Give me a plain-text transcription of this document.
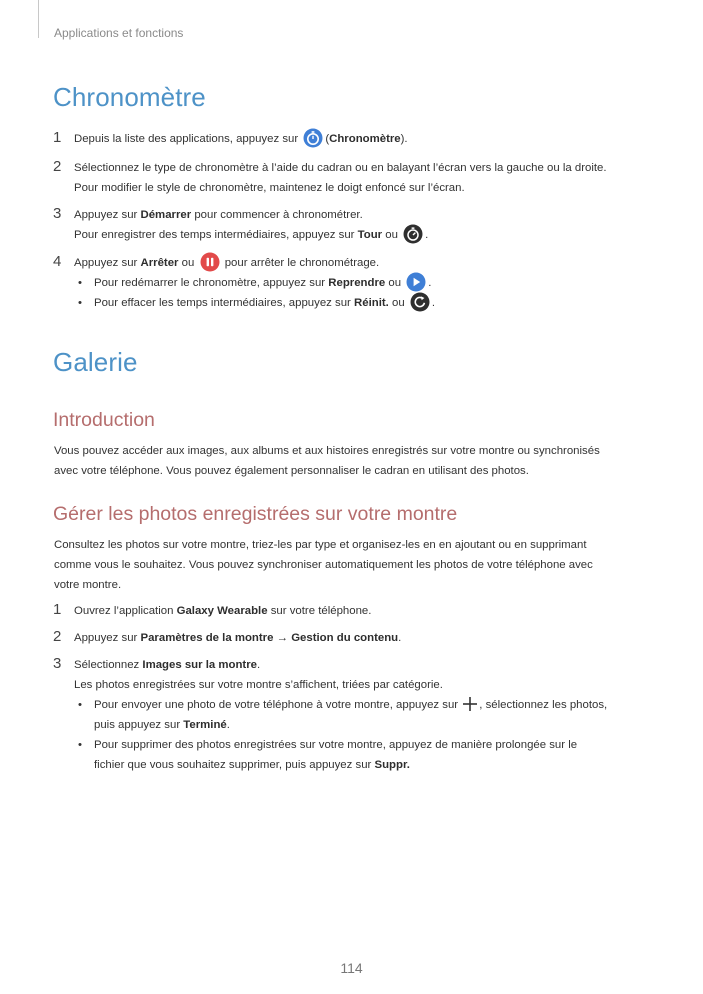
Applications et fonctions
Chronomètre
1 Depuis la liste des applications, appuyez sur (Chronomètre).
2 Sélectionnez le type de chronomètre à l’aide du cadran ou en balayant l’écran vers la gauche ou la droite.
Pour modifier le style de chronomètre, maintenez le doigt enfoncé sur l’écran.
3 Appuyez sur Démarrer pour commencer à chronométrer.
Pour enregistrer des temps intermédiaires, appuyez sur Tour ou .
4 Appuyez sur Arrêter ou	pour arrêter le chronométrage.
• Pour redémarrer le chronomètre, appuyez sur Reprendre ou .
• Pour effacer les temps intermédiaires, appuyez sur Réinit. ou .
Galerie
Introduction
Vous pouvez accéder aux images, aux albums et aux histoires enregistrés sur votre montre ou synchronisés
avec votre téléphone. Vous pouvez également personnaliser le cadran en utilisant des photos.
Gérer les photos enregistrées sur votre montre
Consultez les photos sur votre montre, triez-les par type et organisez-les en en ajoutant ou en supprimant
comme vous le souhaitez. Vous pouvez synchroniser automatiquement les photos de votre téléphone avec
votre montre.
1 Ouvrez l’application Galaxy Wearable sur votre téléphone.
2 Appuyez sur Paramètres de la montre → Gestion du contenu.
3 Sélectionnez Images sur la montre.
Les photos enregistrées sur votre montre s’affichent, triées par catégorie.
• Pour envoyer une photo de votre téléphone à votre montre, appuyez sur , sélectionnez les photos,
puis appuyez sur Terminé.
• Pour supprimer des photos enregistrées sur votre montre, appuyez de manière prolongée sur le
fichier que vous souhaitez supprimer, puis appuyez sur Suppr.
114
